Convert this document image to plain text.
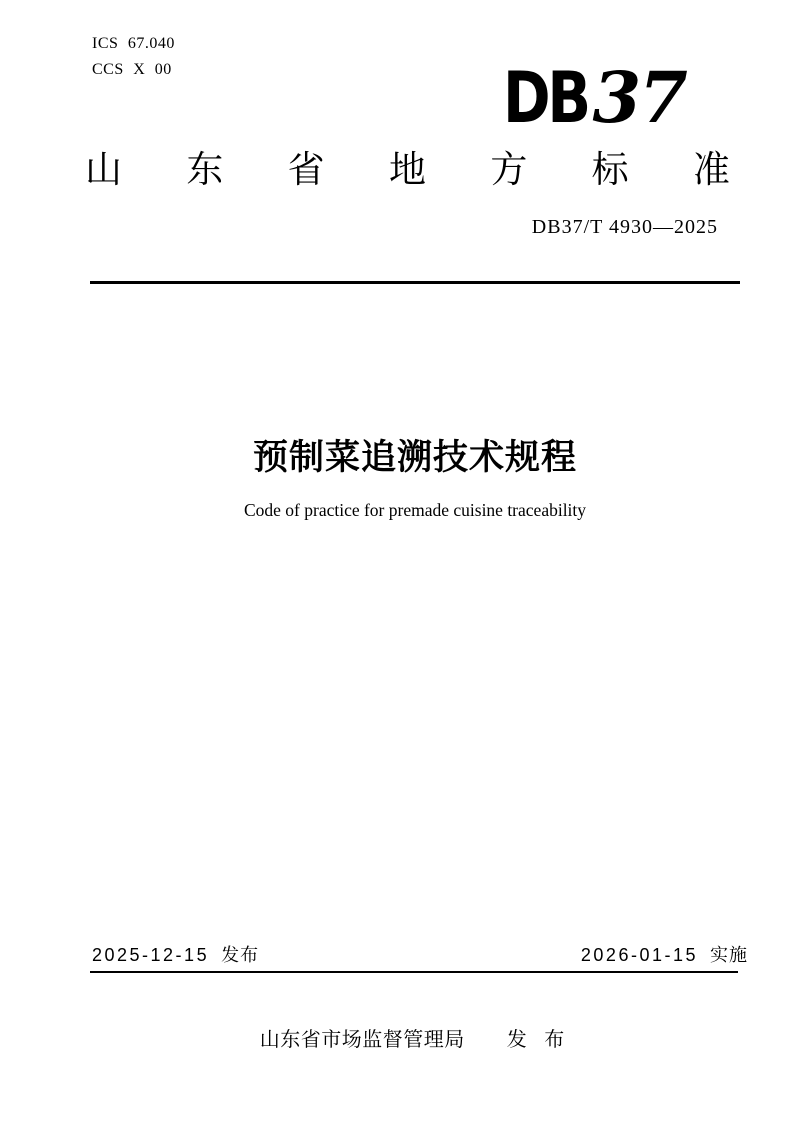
ICS 67.040
CCS X 00	DB 37
山 东 省 地 方 标 准
DB37/T 4930—2025
预制菜追溯技术规程
Code of practice for premade cuisine traceability
2025-12-15 发布	2026-01-15 实施
山东省市场监督管理局 发 布
